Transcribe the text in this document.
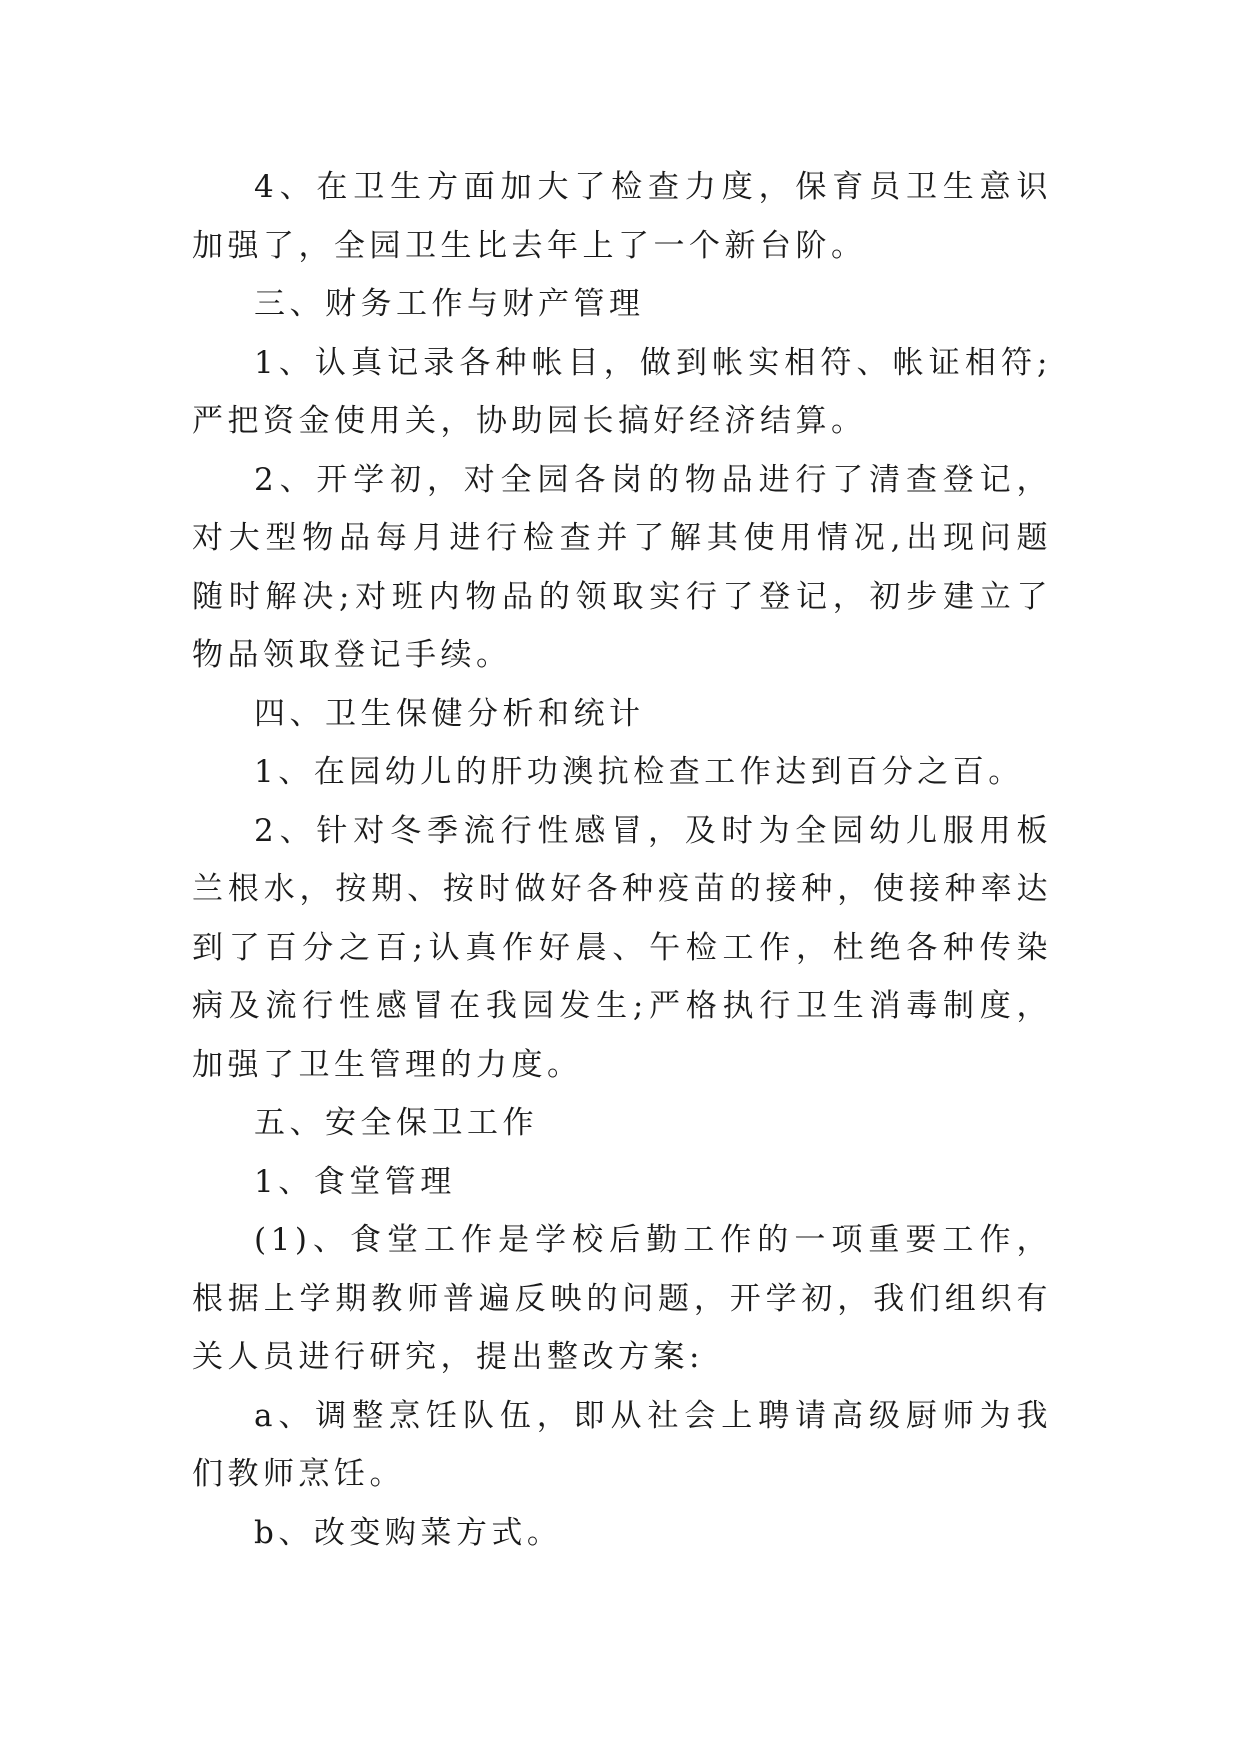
4、在卫生方面加大了检查力度，保育员卫生意识加强了，全园卫生比去年上了一个新台阶。

三、财务工作与财产管理

1、认真记录各种帐目，做到帐实相符、帐证相符;严把资金使用关，协助园长搞好经济结算。

2、开学初，对全园各岗的物品进行了清查登记，对大型物品每月进行检查并了解其使用情况,出现问题随时解决;对班内物品的领取实行了登记，初步建立了物品领取登记手续。

四、卫生保健分析和统计

1、在园幼儿的肝功澳抗检查工作达到百分之百。

2、针对冬季流行性感冒，及时为全园幼儿服用板兰根水，按期、按时做好各种疫苗的接种，使接种率达到了百分之百;认真作好晨、午检工作，杜绝各种传染病及流行性感冒在我园发生;严格执行卫生消毒制度，加强了卫生管理的力度。

五、安全保卫工作

1、食堂管理

(1)、食堂工作是学校后勤工作的一项重要工作，根据上学期教师普遍反映的问题，开学初，我们组织有关人员进行研究，提出整改方案:

a、调整烹饪队伍，即从社会上聘请高级厨师为我们教师烹饪。

b、改变购菜方式。
